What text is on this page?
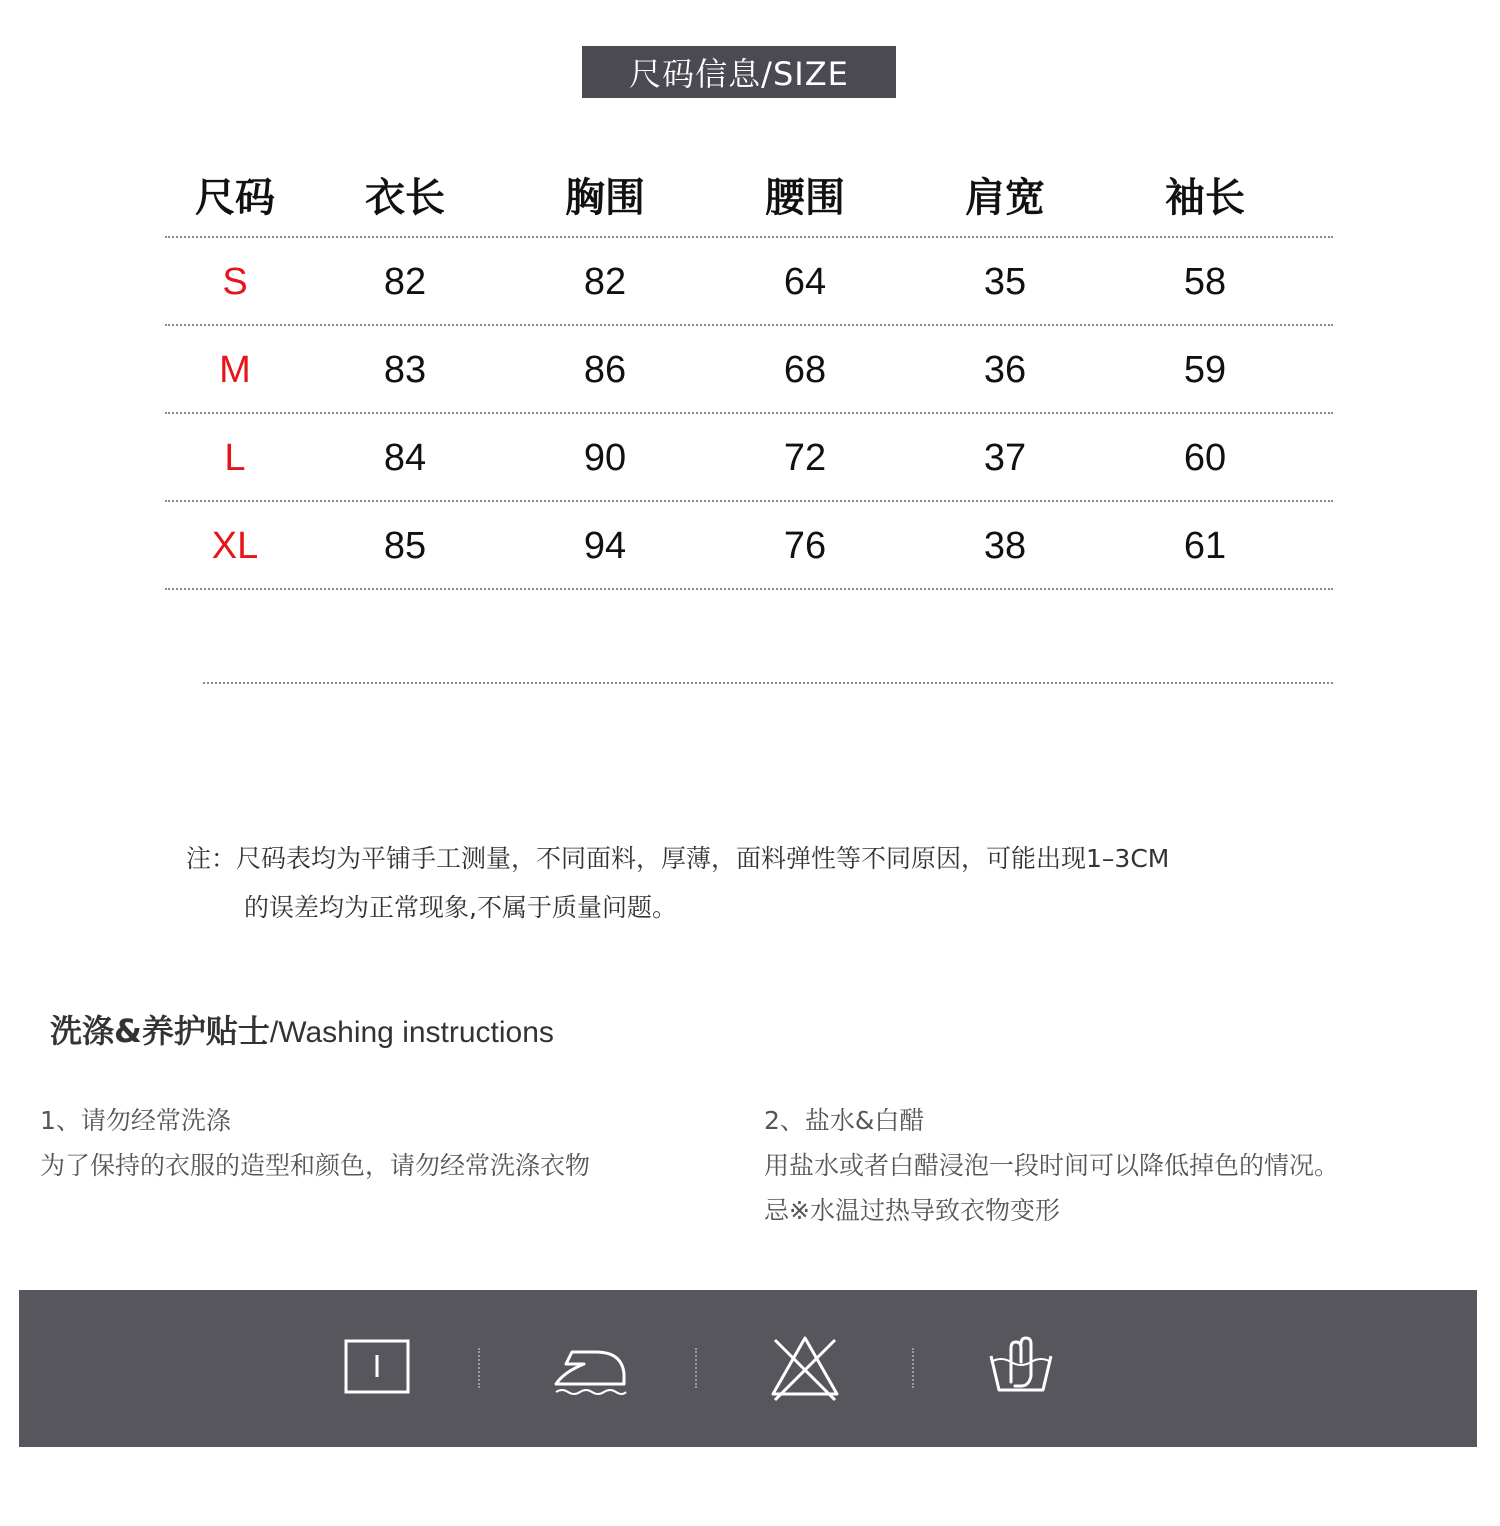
尺码信息/SIZE
尺码	衣长	胸围	腰围	肩宽	袖长
S	82	82	64	35	58
M	83	86	68	36	59
L	84	90	72	37	60
XL	85	94	76	38	61
注：尺码表均为平铺手工测量，不同面料，厚薄，面料弹性等不同原因，可能出现1–3CM
的误差均为正常现象,不属于质量问题。
洗涤&养护贴士/Washing instructions
1、请勿经常洗涤
为了保持的衣服的造型和颜色，请勿经常洗涤衣物
2、盐水&白醋
用盐水或者白醋浸泡一段时间可以降低掉色的情况。
忌※水温过热导致衣物变形
